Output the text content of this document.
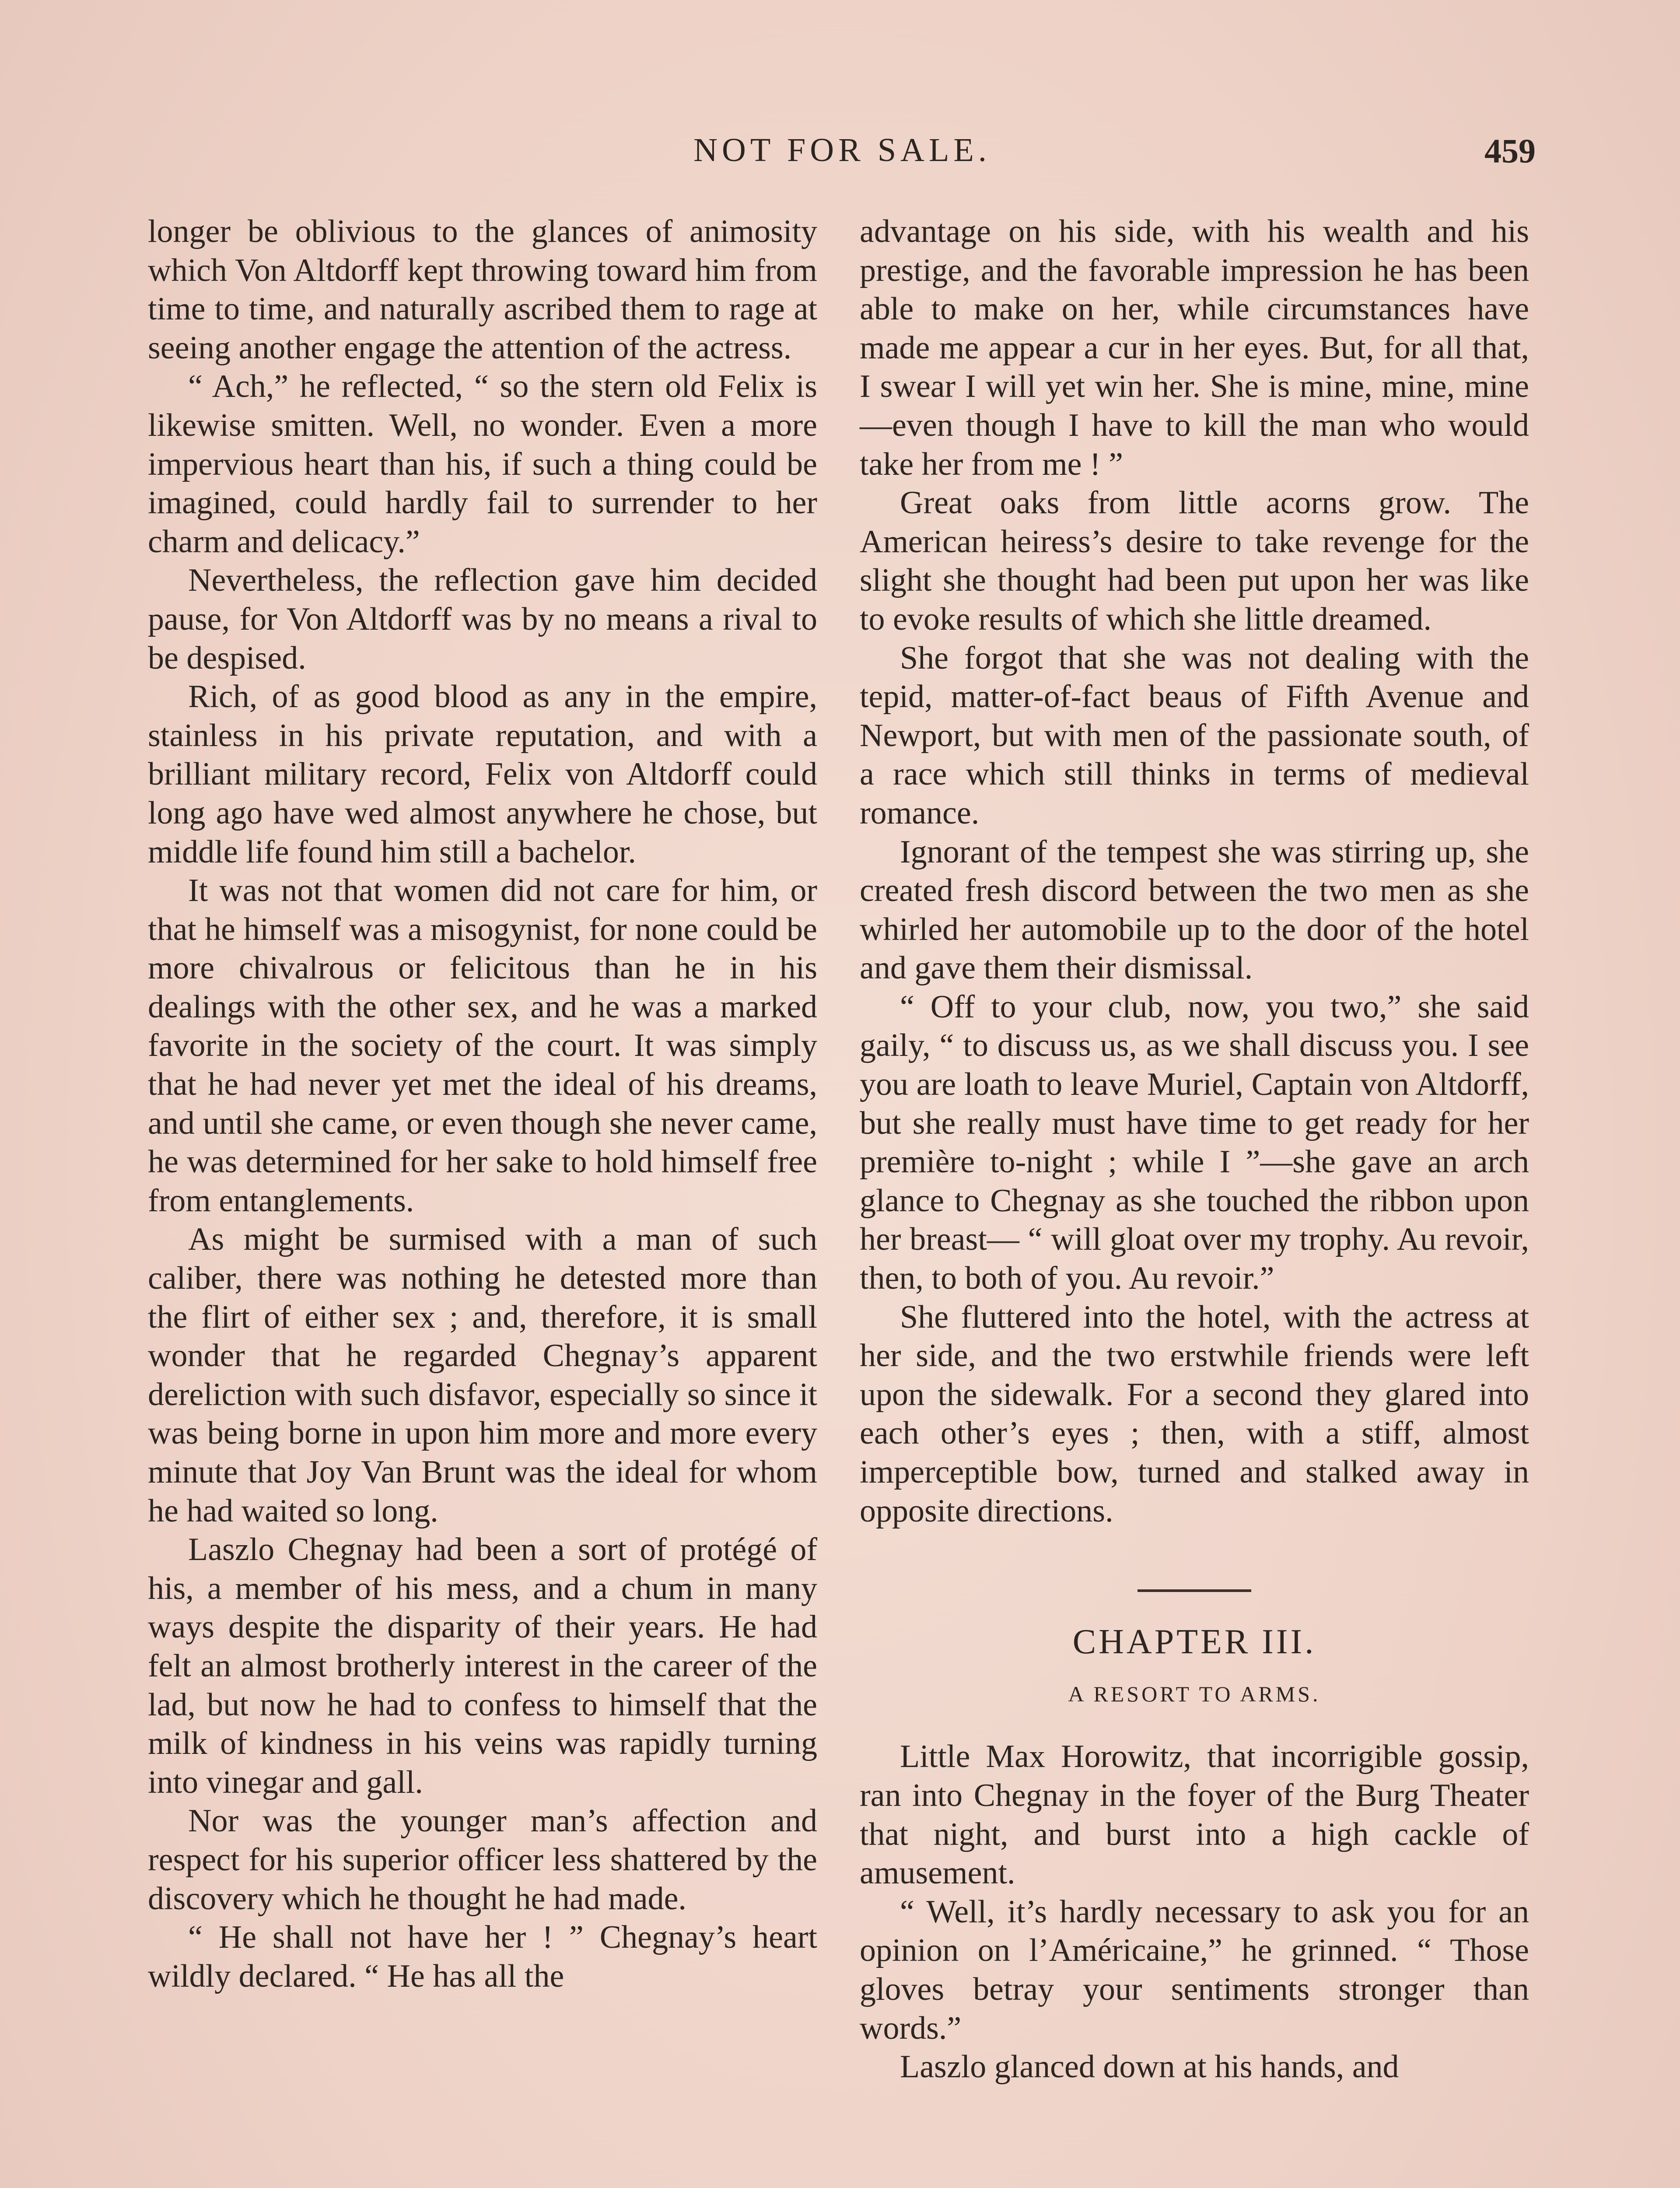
NOT FOR SALE.	459

longer be oblivious to the glances of animosity which Von Altdorff kept throwing toward him from time to time, and naturally ascribed them to rage at seeing another engage the attention of the actress.

“ Ach,” he reflected, “ so the stern old Felix is likewise smitten. Well, no wonder. Even a more impervious heart than his, if such a thing could be imagined, could hardly fail to surrender to her charm and delicacy.”

Nevertheless, the reflection gave him decided pause, for Von Altdorff was by no means a rival to be despised.

Rich, of as good blood as any in the empire, stainless in his private reputation, and with a brilliant military record, Felix von Altdorff could long ago have wed almost anywhere he chose, but middle life found him still a bachelor.

It was not that women did not care for him, or that he himself was a misogynist, for none could be more chivalrous or felicitous than he in his dealings with the other sex, and he was a marked favorite in the society of the court. It was simply that he had never yet met the ideal of his dreams, and until she came, or even though she never came, he was determined for her sake to hold himself free from entanglements.

As might be surmised with a man of such caliber, there was nothing he detested more than the flirt of either sex ; and, therefore, it is small wonder that he regarded Chegnay’s apparent dereliction with such disfavor, especially so since it was being borne in upon him more and more every minute that Joy Van Brunt was the ideal for whom he had waited so long.

Laszlo Chegnay had been a sort of protégé of his, a member of his mess, and a chum in many ways despite the disparity of their years. He had felt an almost brotherly interest in the career of the lad, but now he had to confess to himself that the milk of kindness in his veins was rapidly turning into vinegar and gall.

Nor was the younger man’s affection and respect for his superior officer less shattered by the discovery which he thought he had made.

“ He shall not have her ! ” Chegnay’s heart wildly declared. “ He has all the

advantage on his side, with his wealth and his prestige, and the favorable impression he has been able to make on her, while circumstances have made me appear a cur in her eyes. But, for all that, I swear I will yet win her. She is mine, mine, mine—even though I have to kill the man who would take her from me ! ”

Great oaks from little acorns grow. The American heiress’s desire to take revenge for the slight she thought had been put upon her was like to evoke results of which she little dreamed.

She forgot that she was not dealing with the tepid, matter-of-fact beaus of Fifth Avenue and Newport, but with men of the passionate south, of a race which still thinks in terms of medieval romance.

Ignorant of the tempest she was stirring up, she created fresh discord between the two men as she whirled her automobile up to the door of the hotel and gave them their dismissal.

“ Off to your club, now, you two,” she said gaily, “ to discuss us, as we shall discuss you. I see you are loath to leave Muriel, Captain von Altdorff, but she really must have time to get ready for her première to-night ; while I ”—she gave an arch glance to Chegnay as she touched the ribbon upon her breast— “ will gloat over my trophy. Au revoir, then, to both of you. Au revoir.”

She fluttered into the hotel, with the actress at her side, and the two erstwhile friends were left upon the sidewalk. For a second they glared into each other’s eyes ; then, with a stiff, almost imperceptible bow, turned and stalked away in opposite directions.

CHAPTER III.
A RESORT TO ARMS.

Little Max Horowitz, that incorrigible gossip, ran into Chegnay in the foyer of the Burg Theater that night, and burst into a high cackle of amusement.

“ Well, it’s hardly necessary to ask you for an opinion on l’Américaine,” he grinned. “ Those gloves betray your sentiments stronger than words.”

Laszlo glanced down at his hands, and
